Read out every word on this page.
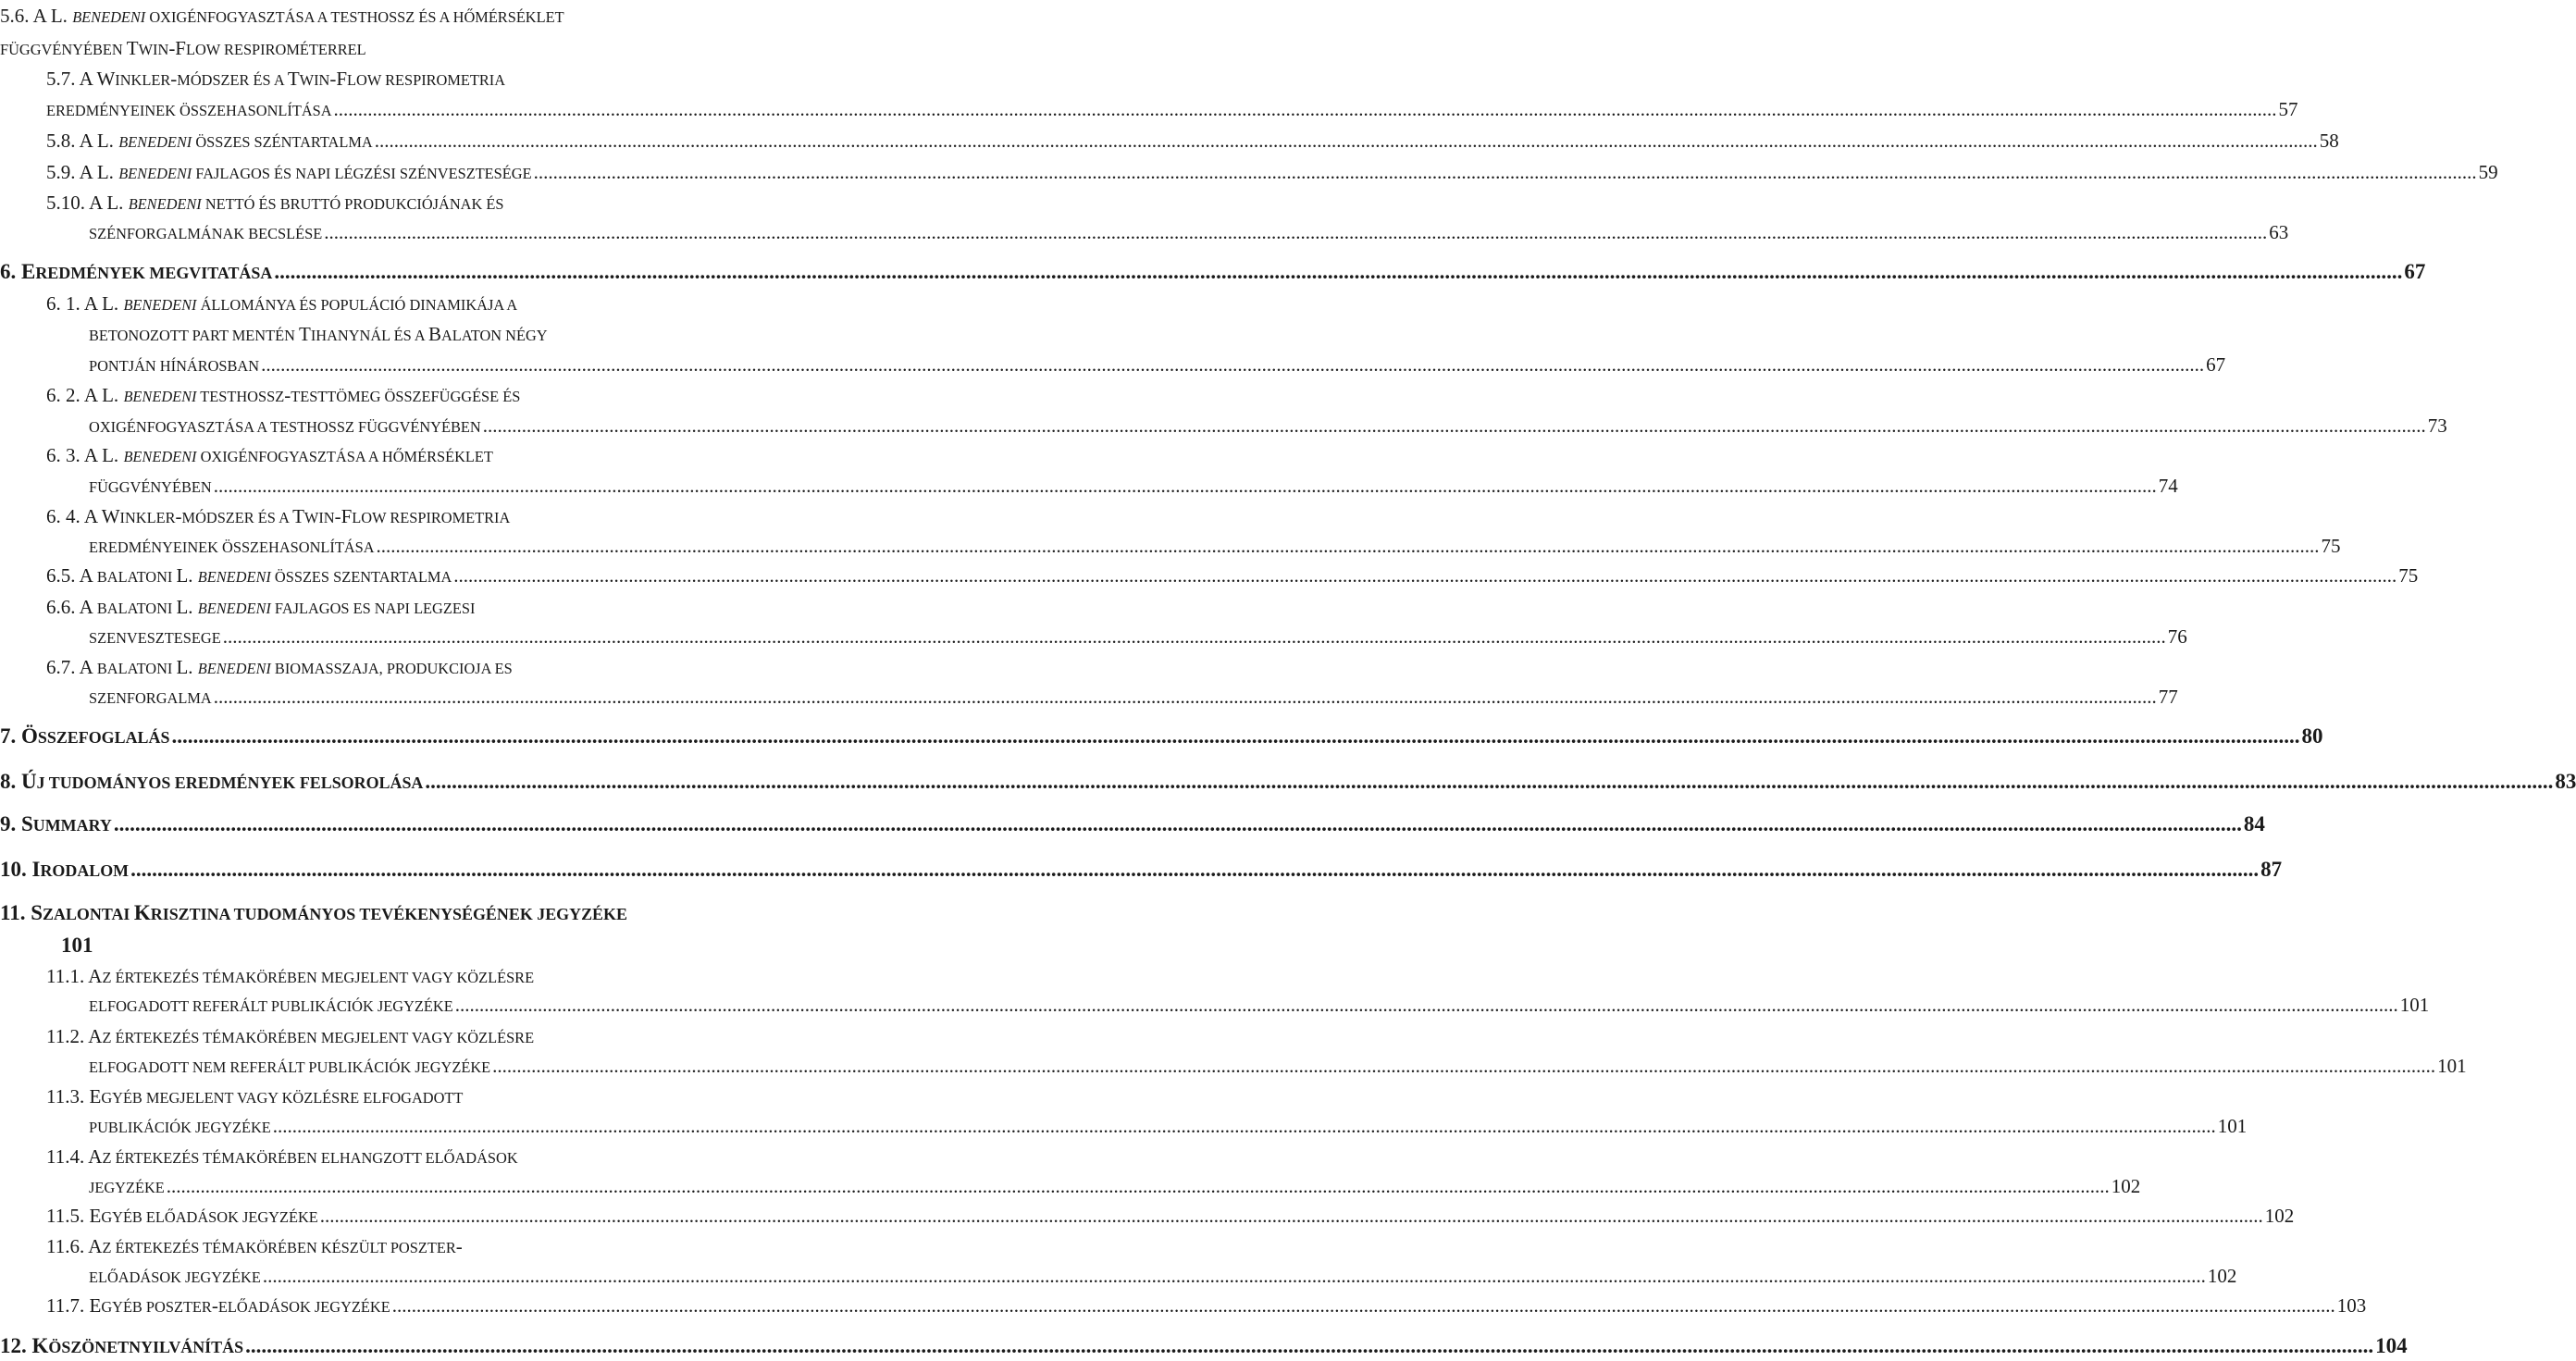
5.6. A L. BENEDENI OXIGÉNFOGYASZTÁSA A TESTHOSSZ ÉS A HŐMÉRSÉKLET
FÜGGVÉNYÉBEN TWIN-FLOW RESPIROMÉTERREL
5.7. A WINKLER-MÓDSZER ÉS A TWIN-FLOW RESPIROMETRIA
EREDMÉNYEINEK ÖSSZEHASONLÍTÁSA ................................................................................................................................................................................................................................................................................................................................................................................................................ 57
5.8. A L. BENEDENI ÖSSZES SZÉNTARTALMA ................................................................................................................................................................................................................................................................................................................................................................................................................ 58
5.9. A L. BENEDENI FAJLAGOS ÉS NAPI LÉGZÉSI SZÉNVESZTESÉGE ................................................................................................................................................................................................................................................................................................................................................................................................................ 59
5.10. A L. BENEDENI NETTÓ ÉS BRUTTÓ PRODUKCIÓJÁNAK ÉS
SZÉNFORGALMÁNAK BECSLÉSE ................................................................................................................................................................................................................................................................................................................................................................................................................ 63
6. EREDMÉNYEK MEGVITATÁSA ................................................................................................................................................................................................................................................................................................................................................................................................................ 67
6. 1. A L. BENEDENI ÁLLOMÁNYA ÉS POPULÁCIÓ DINAMIKÁJA A
BETONOZOTT PART MENTÉN TIHANYNÁL ÉS A BALATON NÉGY
PONTJÁN HÍNÁROSBAN ................................................................................................................................................................................................................................................................................................................................................................................................................ 67
6. 2. A L. BENEDENI TESTHOSSZ-TESTTÖMEG ÖSSZEFÜGGÉSE ÉS
OXIGÉNFOGYASZTÁSA A TESTHOSSZ FÜGGVÉNYÉBEN ................................................................................................................................................................................................................................................................................................................................................................................................................ 73
6. 3. A L. BENEDENI OXIGÉNFOGYASZTÁSA A HŐMÉRSÉKLET
FÜGGVÉNYÉBEN ................................................................................................................................................................................................................................................................................................................................................................................................................ 74
6. 4. A WINKLER-MÓDSZER ÉS A TWIN-FLOW RESPIROMETRIA
EREDMÉNYEINEK ÖSSZEHASONLÍTÁSA ................................................................................................................................................................................................................................................................................................................................................................................................................ 75
6.5. A BALATONI L. BENEDENI ÖSSZES SZENTARTALMA ................................................................................................................................................................................................................................................................................................................................................................................................................ 75
6.6. A BALATONI L. BENEDENI FAJLAGOS ES NAPI LEGZESI
SZENVESZTESEGE ................................................................................................................................................................................................................................................................................................................................................................................................................ 76
6.7. A BALATONI L. BENEDENI BIOMASSZAJA, PRODUKCIOJA ES
SZENFORGALMA ................................................................................................................................................................................................................................................................................................................................................................................................................ 77
7. ÖSSZEFOGLALÁS ................................................................................................................................................................................................................................................................................................................................................................................................................ 80
8. ÚJ TUDOMÁNYOS EREDMÉNYEK FELSOROLÁSA ................................................................................................................................................................................................................................................................................................................................................................................................................ 83
9. SUMMARY ................................................................................................................................................................................................................................................................................................................................................................................................................ 84
10. IRODALOM ................................................................................................................................................................................................................................................................................................................................................................................................................ 87
11. SZALONTAI KRISZTINA TUDOMÁNYOS TEVÉKENYSÉGÉNEK JEGYZÉKE
101
11.1. AZ ÉRTEKEZÉS TÉMAKÖRÉBEN MEGJELENT VAGY KÖZLÉSRE
ELFOGADOTT REFERÁLT PUBLIKÁCIÓK JEGYZÉKE ................................................................................................................................................................................................................................................................................................................................................................................................................ 101
11.2. AZ ÉRTEKEZÉS TÉMAKÖRÉBEN MEGJELENT VAGY KÖZLÉSRE
ELFOGADOTT NEM REFERÁLT PUBLIKÁCIÓK JEGYZÉKE ................................................................................................................................................................................................................................................................................................................................................................................................................ 101
11.3. EGYÉB MEGJELENT VAGY KÖZLÉSRE ELFOGADOTT
PUBLIKÁCIÓK JEGYZÉKE ................................................................................................................................................................................................................................................................................................................................................................................................................ 101
11.4. AZ ÉRTEKEZÉS TÉMAKÖRÉBEN ELHANGZOTT ELŐADÁSOK
JEGYZÉKE ................................................................................................................................................................................................................................................................................................................................................................................................................ 102
11.5. EGYÉB ELŐADÁSOK JEGYZÉKE ................................................................................................................................................................................................................................................................................................................................................................................................................ 102
11.6. AZ ÉRTEKEZÉS TÉMAKÖRÉBEN KÉSZÜLT POSZTER-
ELŐADÁSOK JEGYZÉKE ................................................................................................................................................................................................................................................................................................................................................................................................................ 102
11.7. EGYÉB POSZTER-ELŐADÁSOK JEGYZÉKE ................................................................................................................................................................................................................................................................................................................................................................................................................ 103
12. KÖSZÖNETNYILVÁNÍTÁS ................................................................................................................................................................................................................................................................................................................................................................................................................ 104
